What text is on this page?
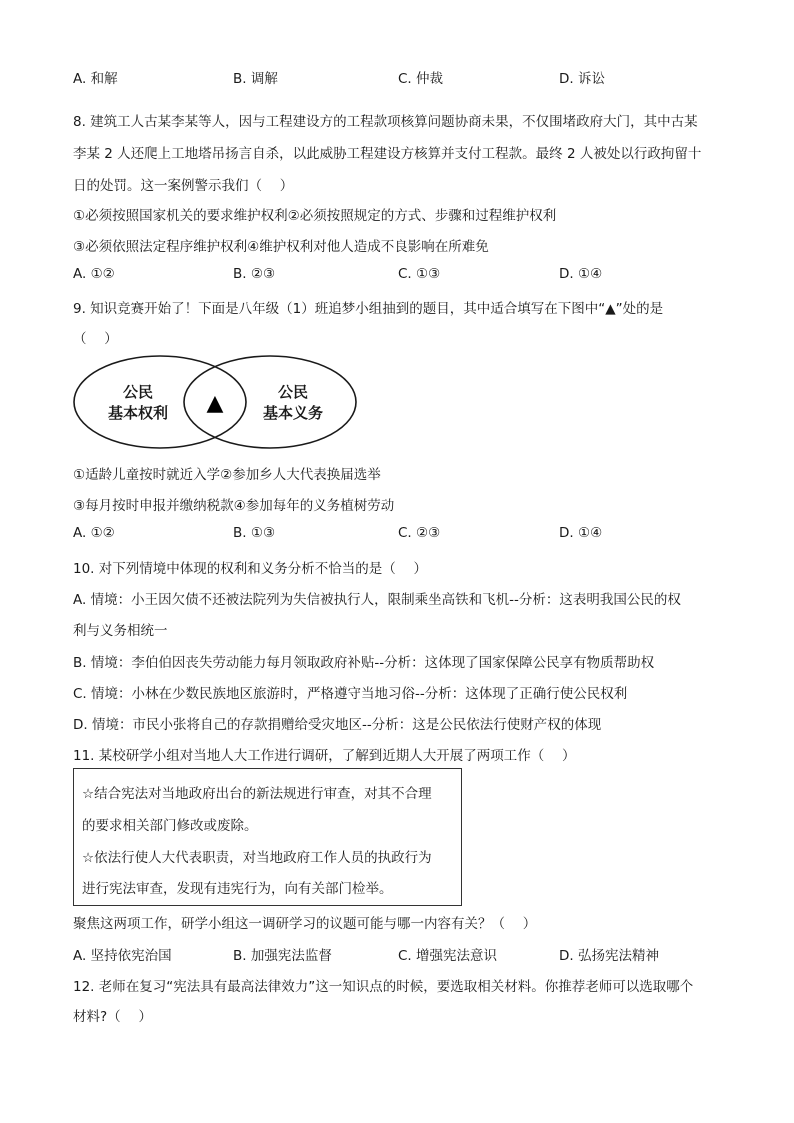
A. 和解	B. 调解	C. 仲裁	D. 诉讼
8. 建筑工人古某李某等人，因与工程建设方的工程款项核算问题协商未果，不仅围堵政府大门，其中古某
李某 2 人还爬上工地塔吊扬言自杀，以此威胁工程建设方核算并支付工程款。最终 2 人被处以行政拘留十
日的处罚。这一案例警示我们（　 ）
①必须按照国家机关的要求维护权利②必须按照规定的方式、步骤和过程维护权利
③必须依照法定程序维护权利④维护权利对他人造成不良影响在所难免
A. ①②	B. ②③	C. ①③	D. ①④
9. 知识竞赛开始了！下面是八年级（1）班追梦小组抽到的题目，其中适合填写在下图中“▲”处的是
（　 ）
公民
基本权利
公民
基本义务
▲
①适龄儿童按时就近入学②参加乡人大代表换届选举
③每月按时申报并缴纳税款④参加每年的义务植树劳动
A. ①②	B. ①③	C. ②③	D. ①④
10. 对下列情境中体现的权利和义务分析不恰当的是（　 ）
A. 情境：小王因欠债不还被法院列为失信被执行人，限制乘坐高铁和飞机--分析：这表明我国公民的权
利与义务相统一
B. 情境：李伯伯因丧失劳动能力每月领取政府补贴--分析：这体现了国家保障公民享有物质帮助权
C. 情境：小林在少数民族地区旅游时，严格遵守当地习俗--分析：这体现了正确行使公民权利
D. 情境：市民小张将自己的存款捐赠给受灾地区--分析：这是公民依法行使财产权的体现
11. 某校研学小组对当地人大工作进行调研，了解到近期人大开展了两项工作（　 ）
☆结合宪法对当地政府出台的新法规进行审查，对其不合理
的要求相关部门修改或废除。
☆依法行使人大代表职责，对当地政府工作人员的执政行为
进行宪法审查，发现有违宪行为，向有关部门检举。
聚焦这两项工作，研学小组这一调研学习的议题可能与哪一内容有关？（　 ）
A. 坚持依宪治国	B. 加强宪法监督	C. 增强宪法意识	D. 弘扬宪法精神
12. 老师在复习“宪法具有最高法律效力”这一知识点的时候，要选取相关材料。你推荐老师可以选取哪个
材料?（　 ）
